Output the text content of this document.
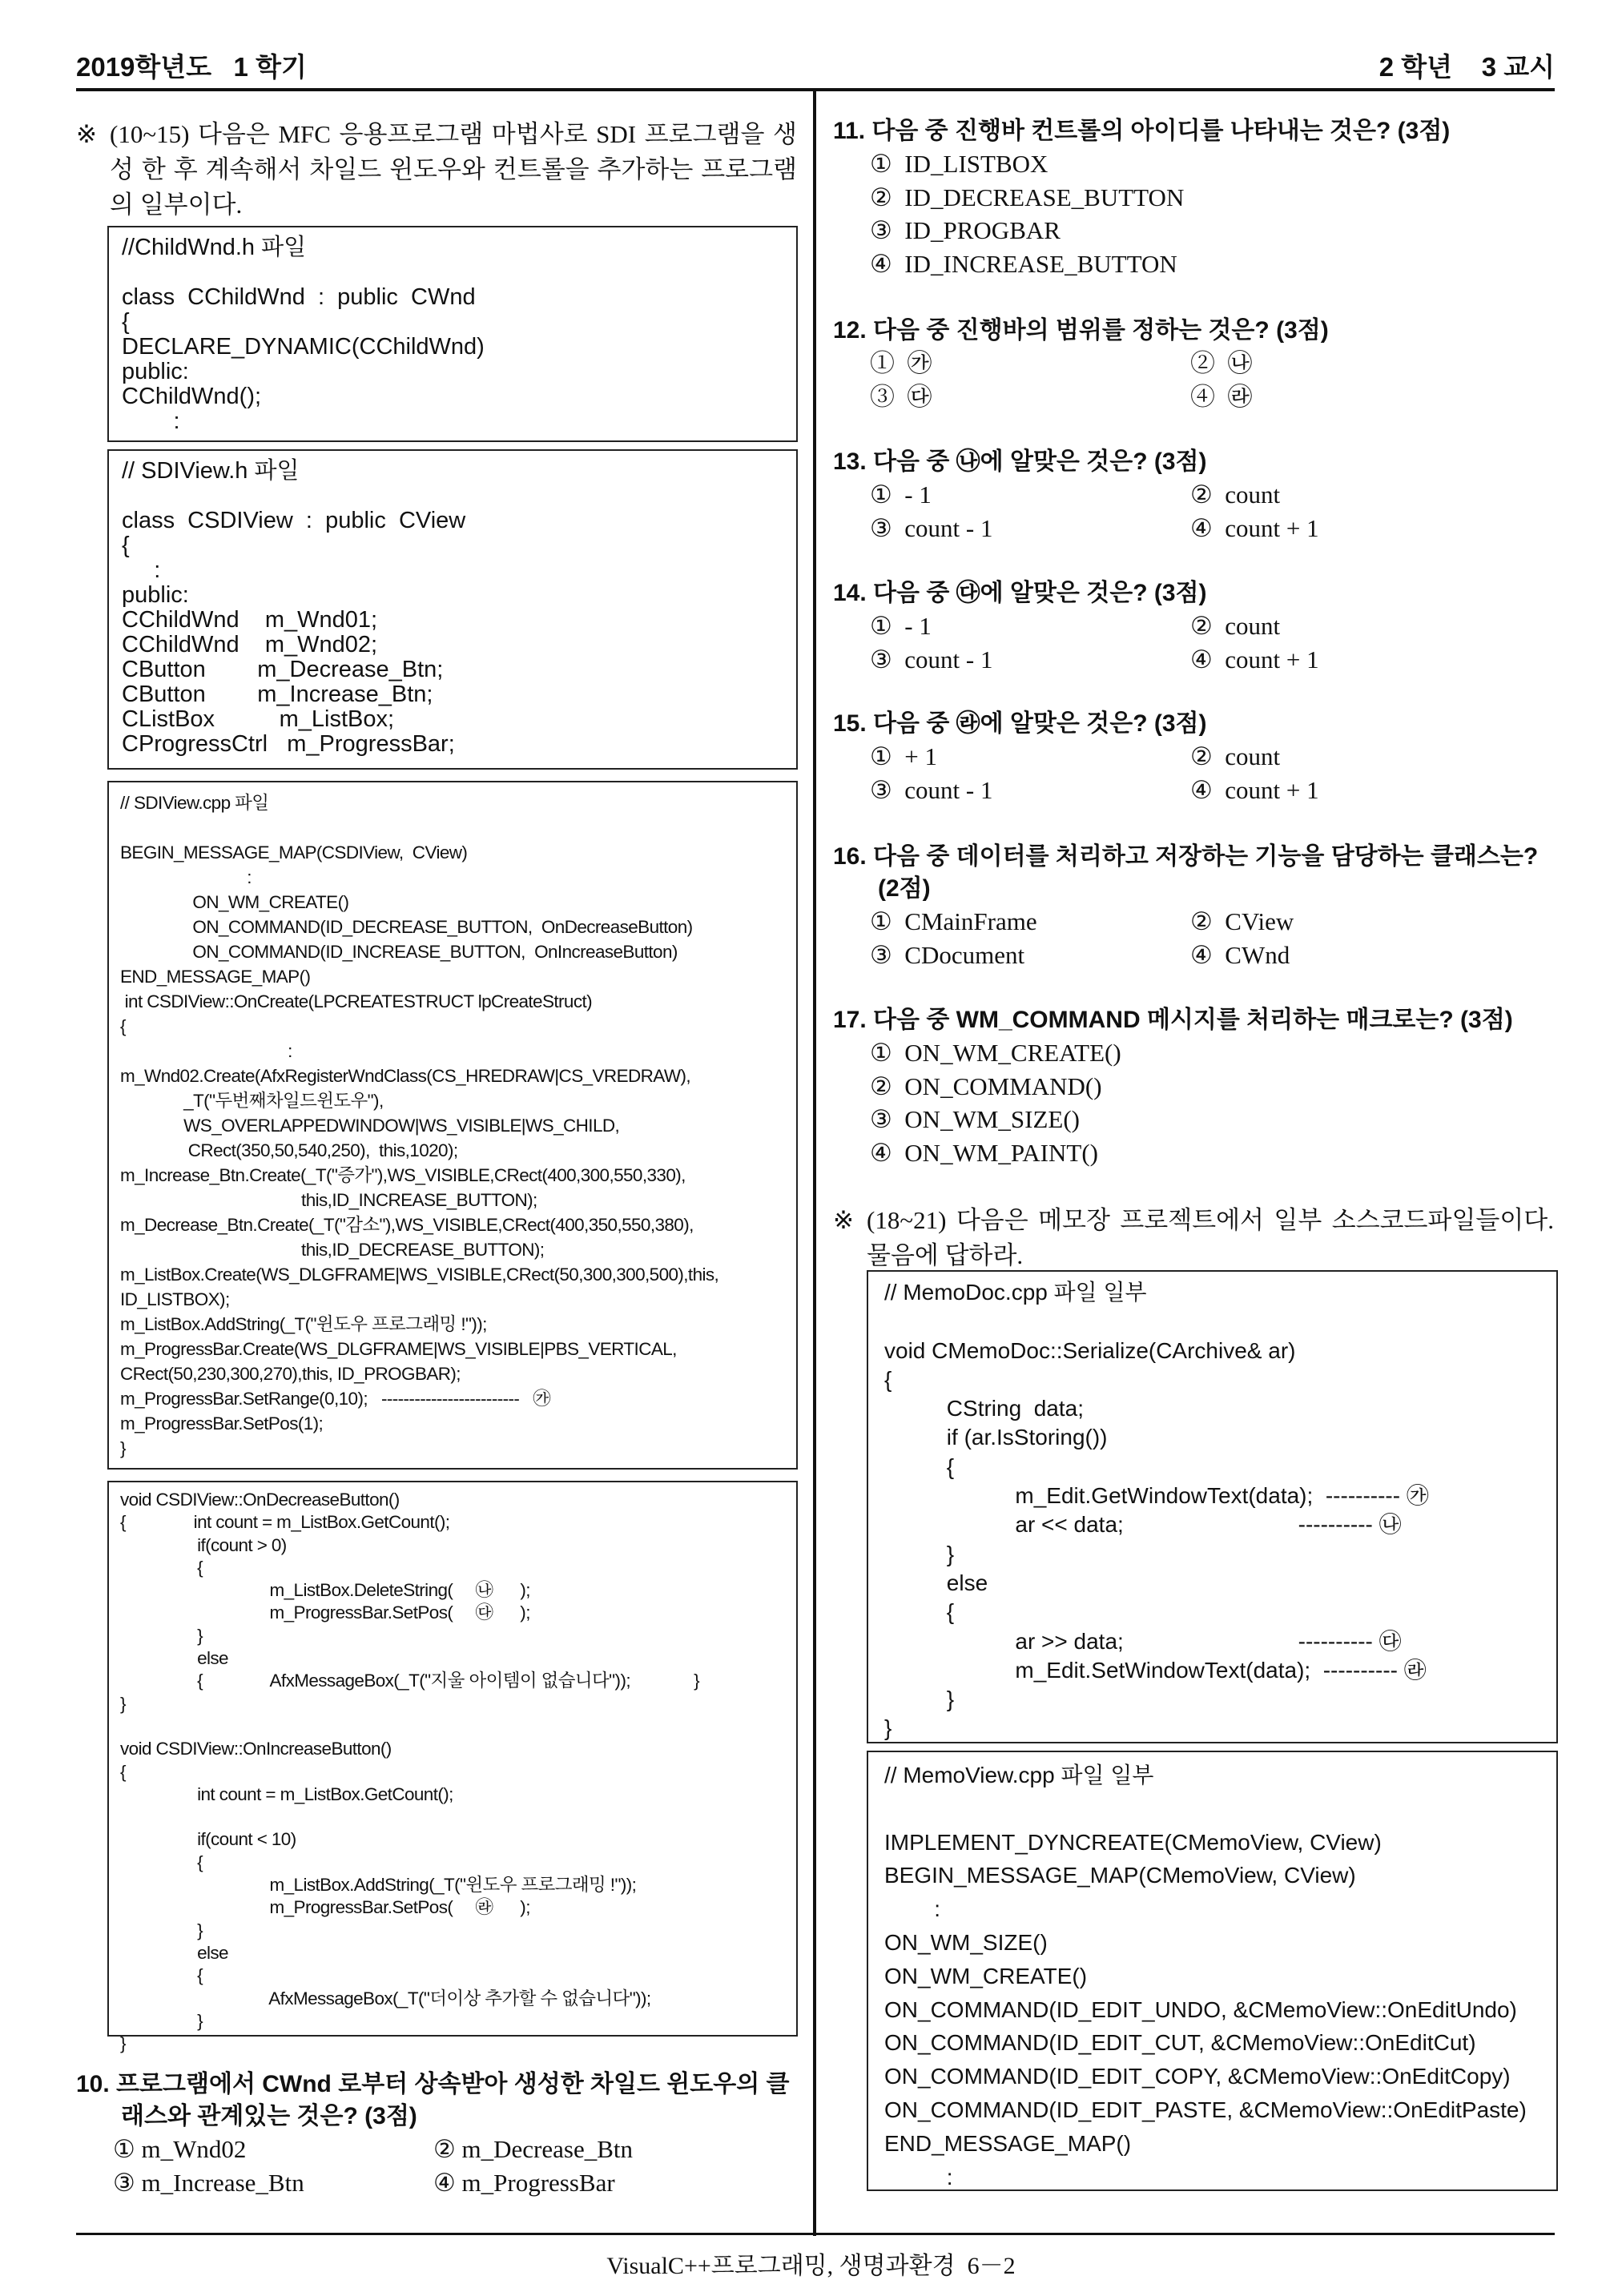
2019학년도   1 학기	2 학년    3 교시
※ (10~15) 다음은 MFC 응용프로그램 마법사로 SDI 프로그램을 생성 한 후 계속해서 차일드 윈도우와 컨트롤을 추가하는 프로그램의 일부이다.
※ (18~21) 다음은 메모장 프로젝트에서 일부 소스코드파일들이다. 물음에 답하라.
//ChildWnd.h 파일

class  CChildWnd  :  public  CWnd
{
DECLARE_DYNAMIC(CChildWnd)
public:
CChildWnd();
:
// SDIView.h 파일

class  CSDIView  :  public  CView
{
:
public:
CChildWnd    m_Wnd01;
CChildWnd    m_Wnd02;
CButton        m_Decrease_Btn;
CButton        m_Increase_Btn;
CListBox          m_ListBox;
CProgressCtrl   m_ProgressBar;
// SDIView.cpp 파일

BEGIN_MESSAGE_MAP(CSDIView,  CView)
:
ON_WM_CREATE()
ON_COMMAND(ID_DECREASE_BUTTON,  OnDecreaseButton)
ON_COMMAND(ID_INCREASE_BUTTON,  OnIncreaseButton)
END_MESSAGE_MAP()
int CSDIView::OnCreate(LPCREATESTRUCT lpCreateStruct)
{
:
m_Wnd02.Create(AfxRegisterWndClass(CS_HREDRAW|CS_VREDRAW),
_T("두번째차일드윈도우"),
WS_OVERLAPPEDWINDOW|WS_VISIBLE|WS_CHILD,
CRect(350,50,540,250),  this,1020);
m_Increase_Btn.Create(_T("증가"),WS_VISIBLE,CRect(400,300,550,330),
this,ID_INCREASE_BUTTON);
m_Decrease_Btn.Create(_T("감소"),WS_VISIBLE,CRect(400,350,550,380),
this,ID_DECREASE_BUTTON);
m_ListBox.Create(WS_DLGFRAME|WS_VISIBLE,CRect(50,300,300,500),this,
ID_LISTBOX);
m_ListBox.AddString(_T("윈도우 프로그래밍 !"));
m_ProgressBar.Create(WS_DLGFRAME|WS_VISIBLE|PBS_VERTICAL,
CRect(50,230,300,270),this, ID_PROGBAR);
m_ProgressBar.SetRange(0,10);   -------------------------   ㉮
m_ProgressBar.SetPos(1);
}
void CSDIView::OnDecreaseButton()
{               int count = m_ListBox.GetCount();
if(count > 0)
{
m_ListBox.DeleteString(     ㉯      );
m_ProgressBar.SetPos(     ㉰      );
}
else
{               AfxMessageBox(_T("지울 아이템이 없습니다"));              }
}

void CSDIView::OnIncreaseButton()
{
int count = m_ListBox.GetCount();

if(count < 10)
{
m_ListBox.AddString(_T("윈도우 프로그래밍 !"));
m_ProgressBar.SetPos(     ㉱      );
}
else
{
AfxMessageBox(_T("더이상 추가할 수 없습니다"));
}
}
// MemoDoc.cpp 파일 일부

void CMemoDoc::Serialize(CArchive& ar)
{
CString  data;
if (ar.IsStoring())
{
m_Edit.GetWindowText(data);  ---------- ㉮
ar << data;                            ---------- ㉯
}
else
{
ar >> data;                            ---------- ㉰
m_Edit.SetWindowText(data);  ---------- ㉱
}
}
// MemoView.cpp 파일 일부

IMPLEMENT_DYNCREATE(CMemoView, CView)
BEGIN_MESSAGE_MAP(CMemoView, CView)
:
ON_WM_SIZE()
ON_WM_CREATE()
ON_COMMAND(ID_EDIT_UNDO, &CMemoView::OnEditUndo)
ON_COMMAND(ID_EDIT_CUT, &CMemoView::OnEditCut)
ON_COMMAND(ID_EDIT_COPY, &CMemoView::OnEditCopy)
ON_COMMAND(ID_EDIT_PASTE, &CMemoView::OnEditPaste)
END_MESSAGE_MAP()
:
10. 프로그램에서 CWnd 로부터 상속받아 생성한 차일드 윈도우의 클래스와 관계있는 것은? (3점)
① m_Wnd02	② m_Decrease_Btn
③ m_Increase_Btn	④ m_ProgressBar
11. 다음 중 진행바 컨트롤의 아이디를 나타내는 것은? (3점)
①  ID_LISTBOX
②  ID_DECREASE_BUTTON
③  ID_PROGBAR
④  ID_INCREASE_BUTTON
12. 다음 중 진행바의 범위를 정하는 것은? (3점)
①  ㉮	②  ㉯
③  ㉰	④  ㉱
13. 다음 중 ㉯에 알맞은 것은? (3점)
①  - 1	②  count
③  count - 1	④  count + 1
14. 다음 중 ㉰에 알맞은 것은? (3점)
①  - 1	②  count
③  count - 1	④  count + 1
15. 다음 중 ㉱에 알맞은 것은? (3점)
①  + 1	②  count
③  count - 1	④  count + 1
16. 다음 중 데이터를 처리하고 저장하는 기능을 담당하는 클래스는? (2점)
①  CMainFrame	②  CView
③  CDocument	④  CWnd
17. 다음 중 WM_COMMAND 메시지를 처리하는 매크로는? (3점)
①  ON_WM_CREATE()
②  ON_COMMAND()
③  ON_WM_SIZE()
④  ON_WM_PAINT()
VisualC++프로그래밍, 생명과환경  6－2
